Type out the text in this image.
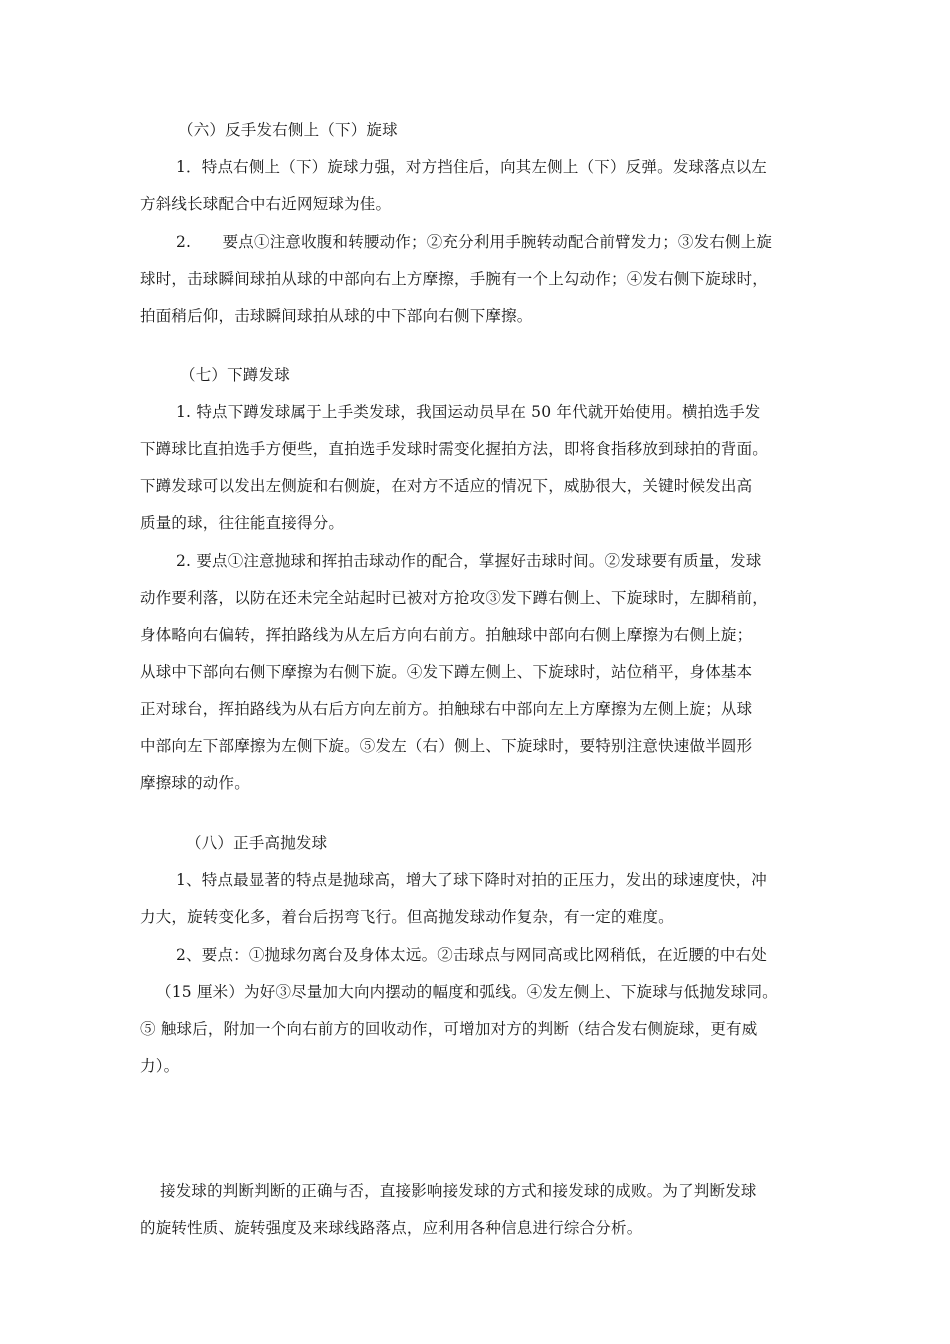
（六）反手发右侧上（下）旋球
1．特点右侧上（下）旋球力强，对方挡住后，向其左侧上（下）反弹。发球落点以左
方斜线长球配合中右近网短球为佳。
2.　　要点①注意收腹和转腰动作；②充分利用手腕转动配合前臂发力；③发右侧上旋
球时，击球瞬间球拍从球的中部向右上方摩擦，手腕有一个上勾动作；④发右侧下旋球时，
拍面稍后仰，击球瞬间球拍从球的中下部向右侧下摩擦。
（七）下蹲发球
1. 特点下蹲发球属于上手类发球，我国运动员早在 50 年代就开始使用。横拍选手发
下蹲球比直拍选手方便些，直拍选手发球时需变化握拍方法，即将食指移放到球拍的背面。
下蹲发球可以发出左侧旋和右侧旋，在对方不适应的情况下，威胁很大，关键时候发出高
质量的球，往往能直接得分。
2. 要点①注意抛球和挥拍击球动作的配合，掌握好击球时间。②发球要有质量，发球
动作要利落，以防在还未完全站起时已被对方抢攻③发下蹲右侧上、下旋球时，左脚稍前，
身体略向右偏转，挥拍路线为从左后方向右前方。拍触球中部向右侧上摩擦为右侧上旋；
从球中下部向右侧下摩擦为右侧下旋。④发下蹲左侧上、下旋球时，站位稍平，身体基本
正对球台，挥拍路线为从右后方向左前方。拍触球右中部向左上方摩擦为左侧上旋；从球
中部向左下部摩擦为左侧下旋。⑤发左（右）侧上、下旋球时，要特别注意快速做半圆形
摩擦球的动作。
（八）正手高抛发球
1、特点最显著的特点是抛球高，增大了球下降时对拍的正压力，发出的球速度快，冲
力大，旋转变化多，着台后拐弯飞行。但高抛发球动作复杂，有一定的难度。
2、要点：①抛球勿离台及身体太远。②击球点与网同高或比网稍低，在近腰的中右处
（15 厘米）为好③尽量加大向内摆动的幅度和弧线。④发左侧上、下旋球与低抛发球同。
⑤ 触球后，附加一个向右前方的回收动作，可增加对方的判断（结合发右侧旋球，更有威
力）。
接发球的判断判断的正确与否，直接影响接发球的方式和接发球的成败。为了判断发球
的旋转性质、旋转强度及来球线路落点，应利用各种信息进行综合分析。
